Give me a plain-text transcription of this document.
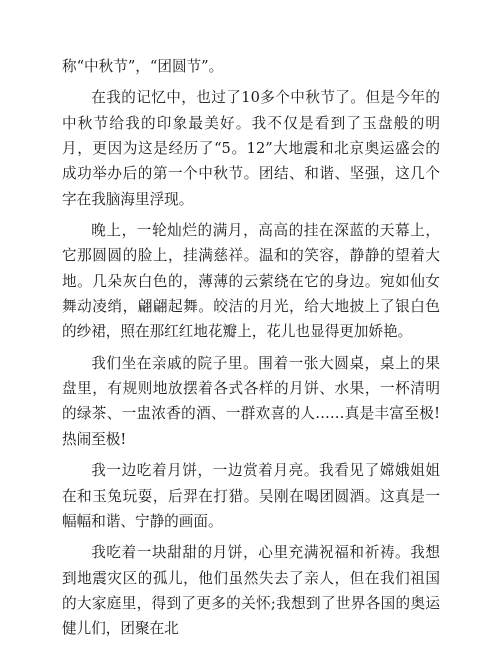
称“中秋节”，“团圆节”。

在我的记忆中，也过了10多个中秋节了。但是今年的中秋节给我的印象最美好。我不仅是看到了玉盘般的明月，更因为这是经历了“5。12”大地震和北京奥运盛会的成功举办后的第一个中秋节。团结、和谐、坚强，这几个字在我脑海里浮现。

晚上，一轮灿烂的满月，高高的挂在深蓝的天幕上，它那圆圆的脸上，挂满慈祥。温和的笑容，静静的望着大地。几朵灰白色的，薄薄的云萦绕在它的身边。宛如仙女舞动凌绡，翩翩起舞。皎洁的月光，给大地披上了银白色的纱裙，照在那红红地花瓣上，花儿也显得更加娇艳。

我们坐在亲戚的院子里。围着一张大圆桌，桌上的果盘里，有规则地放摆着各式各样的月饼、水果，一杯清明的绿茶、一盅浓香的酒、一群欢喜的人……真是丰富至极!热闹至极!

我一边吃着月饼，一边赏着月亮。我看见了嫦娥姐姐在和玉兔玩耍，后羿在打猎。吴刚在喝团圆酒。这真是一幅幅和谐、宁静的画面。

我吃着一块甜甜的月饼，心里充满祝福和祈祷。我想到地震灾区的孤儿，他们虽然失去了亲人，但在我们祖国的大家庭里，得到了更多的关怀;我想到了世界各国的奥运健儿们，团聚在北
